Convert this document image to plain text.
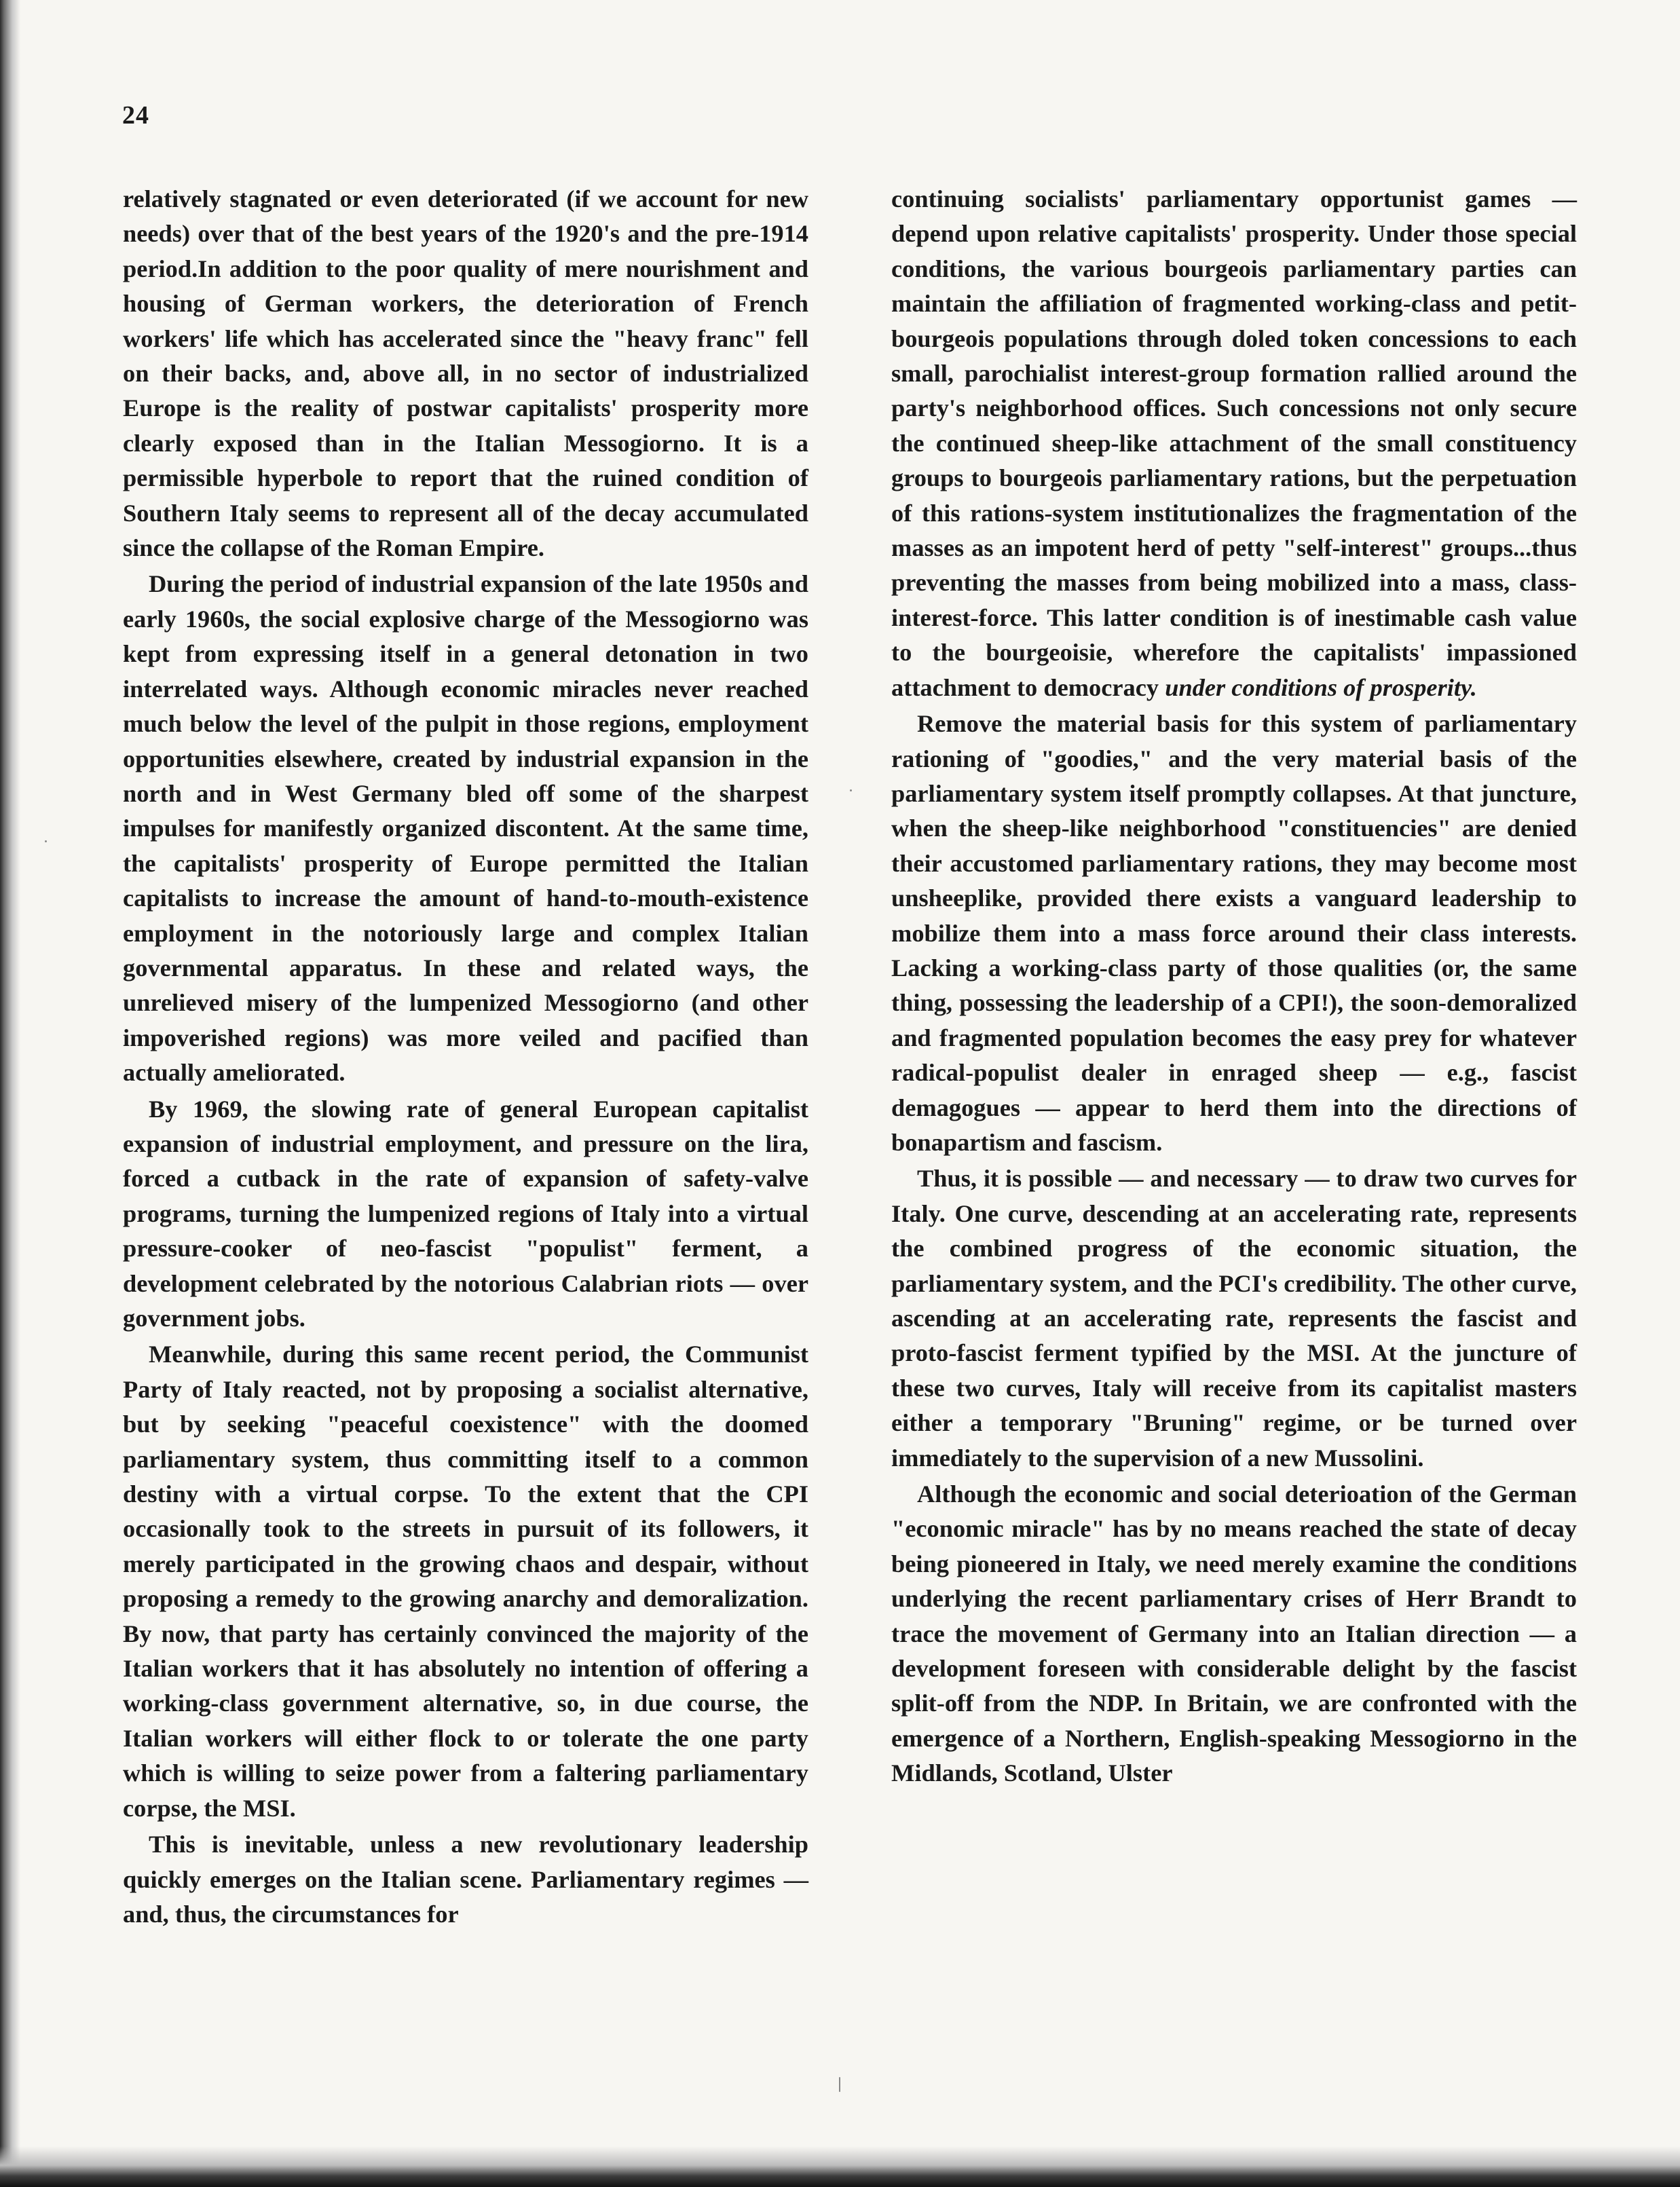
24

relatively stagnated or even deteriorated (if we account for new needs) over that of the best years of the 1920's and the pre-1914 period.In addition to the poor quality of mere nourishment and housing of German workers, the deterioration of French workers' life which has accelerated since the "heavy franc" fell on their backs, and, above all, in no sector of industrialized Europe is the reality of postwar capitalists' prosperity more clearly exposed than in the Italian Messogiorno. It is a permissible hyperbole to report that the ruined condition of Southern Italy seems to represent all of the decay accumulated since the collapse of the Roman Empire.

During the period of industrial expansion of the late 1950s and early 1960s, the social explosive charge of the Messogiorno was kept from expressing itself in a general detonation in two interrelated ways. Although economic miracles never reached much below the level of the pulpit in those regions, employment opportunities elsewhere, created by industrial expansion in the north and in West Germany bled off some of the sharpest impulses for manifestly organized discontent. At the same time, the capitalists' prosperity of Europe permitted the Italian capitalists to increase the amount of hand-to-mouth-existence employment in the notoriously large and complex Italian governmental apparatus. In these and related ways, the unrelieved misery of the lumpenized Messogiorno (and other impoverished regions) was more veiled and pacified than actually ameliorated.

By 1969, the slowing rate of general European capitalist expansion of industrial employment, and pressure on the lira, forced a cutback in the rate of expansion of safety-valve programs, turning the lumpenized regions of Italy into a virtual pressure-cooker of neo-fascist "populist" ferment, a development celebrated by the notorious Calabrian riots — over government jobs.

Meanwhile, during this same recent period, the Communist Party of Italy reacted, not by proposing a socialist alternative, but by seeking "peaceful coexistence" with the doomed parliamentary system, thus committing itself to a common destiny with a virtual corpse. To the extent that the CPI occasionally took to the streets in pursuit of its followers, it merely participated in the growing chaos and despair, without proposing a remedy to the growing anarchy and demoralization. By now, that party has certainly convinced the majority of the Italian workers that it has absolutely no intention of offering a working-class government alternative, so, in due course, the Italian workers will either flock to or tolerate the one party which is willing to seize power from a faltering parliamentary corpse, the MSI.

This is inevitable, unless a new revolutionary leadership quickly emerges on the Italian scene. Parliamentary regimes — and, thus, the circumstances for

continuing socialists' parliamentary opportunist games — depend upon relative capitalists' prosperity. Under those special conditions, the various bourgeois parliamentary parties can maintain the affiliation of fragmented working-class and petit-bourgeois populations through doled token concessions to each small, parochialist interest-group formation rallied around the party's neighborhood offices. Such concessions not only secure the continued sheep-like attachment of the small constituency groups to bourgeois parliamentary rations, but the perpetuation of this rations-system institutionalizes the fragmentation of the masses as an impotent herd of petty "self-interest" groups...thus preventing the masses from being mobilized into a mass, class-interest-force. This latter condition is of inestimable cash value to the bourgeoisie, wherefore the capitalists' impassioned attachment to democracy under conditions of prosperity.

Remove the material basis for this system of parliamentary rationing of "goodies," and the very material basis of the parliamentary system itself promptly collapses. At that juncture, when the sheep-like neighborhood "constituencies" are denied their accustomed parliamentary rations, they may become most unsheeplike, provided there exists a vanguard leadership to mobilize them into a mass force around their class interests. Lacking a working-class party of those qualities (or, the same thing, possessing the leadership of a CPI!), the soon-demoralized and fragmented population becomes the easy prey for whatever radical-populist dealer in enraged sheep — e.g., fascist demagogues — appear to herd them into the directions of bonapartism and fascism.

Thus, it is possible — and necessary — to draw two curves for Italy. One curve, descending at an accelerating rate, represents the combined progress of the economic situation, the parliamentary system, and the PCI's credibility. The other curve, ascending at an accelerating rate, represents the fascist and proto-fascist ferment typified by the MSI. At the juncture of these two curves, Italy will receive from its capitalist masters either a temporary "Bruning" regime, or be turned over immediately to the supervision of a new Mussolini.

Although the economic and social deterioation of the German "economic miracle" has by no means reached the state of decay being pioneered in Italy, we need merely examine the conditions underlying the recent parliamentary crises of Herr Brandt to trace the movement of Germany into an Italian direction — a development foreseen with considerable delight by the fascist split-off from the NDP. In Britain, we are confronted with the emergence of a Northern, English-speaking Messogiorno in the Midlands, Scotland, Ulster
